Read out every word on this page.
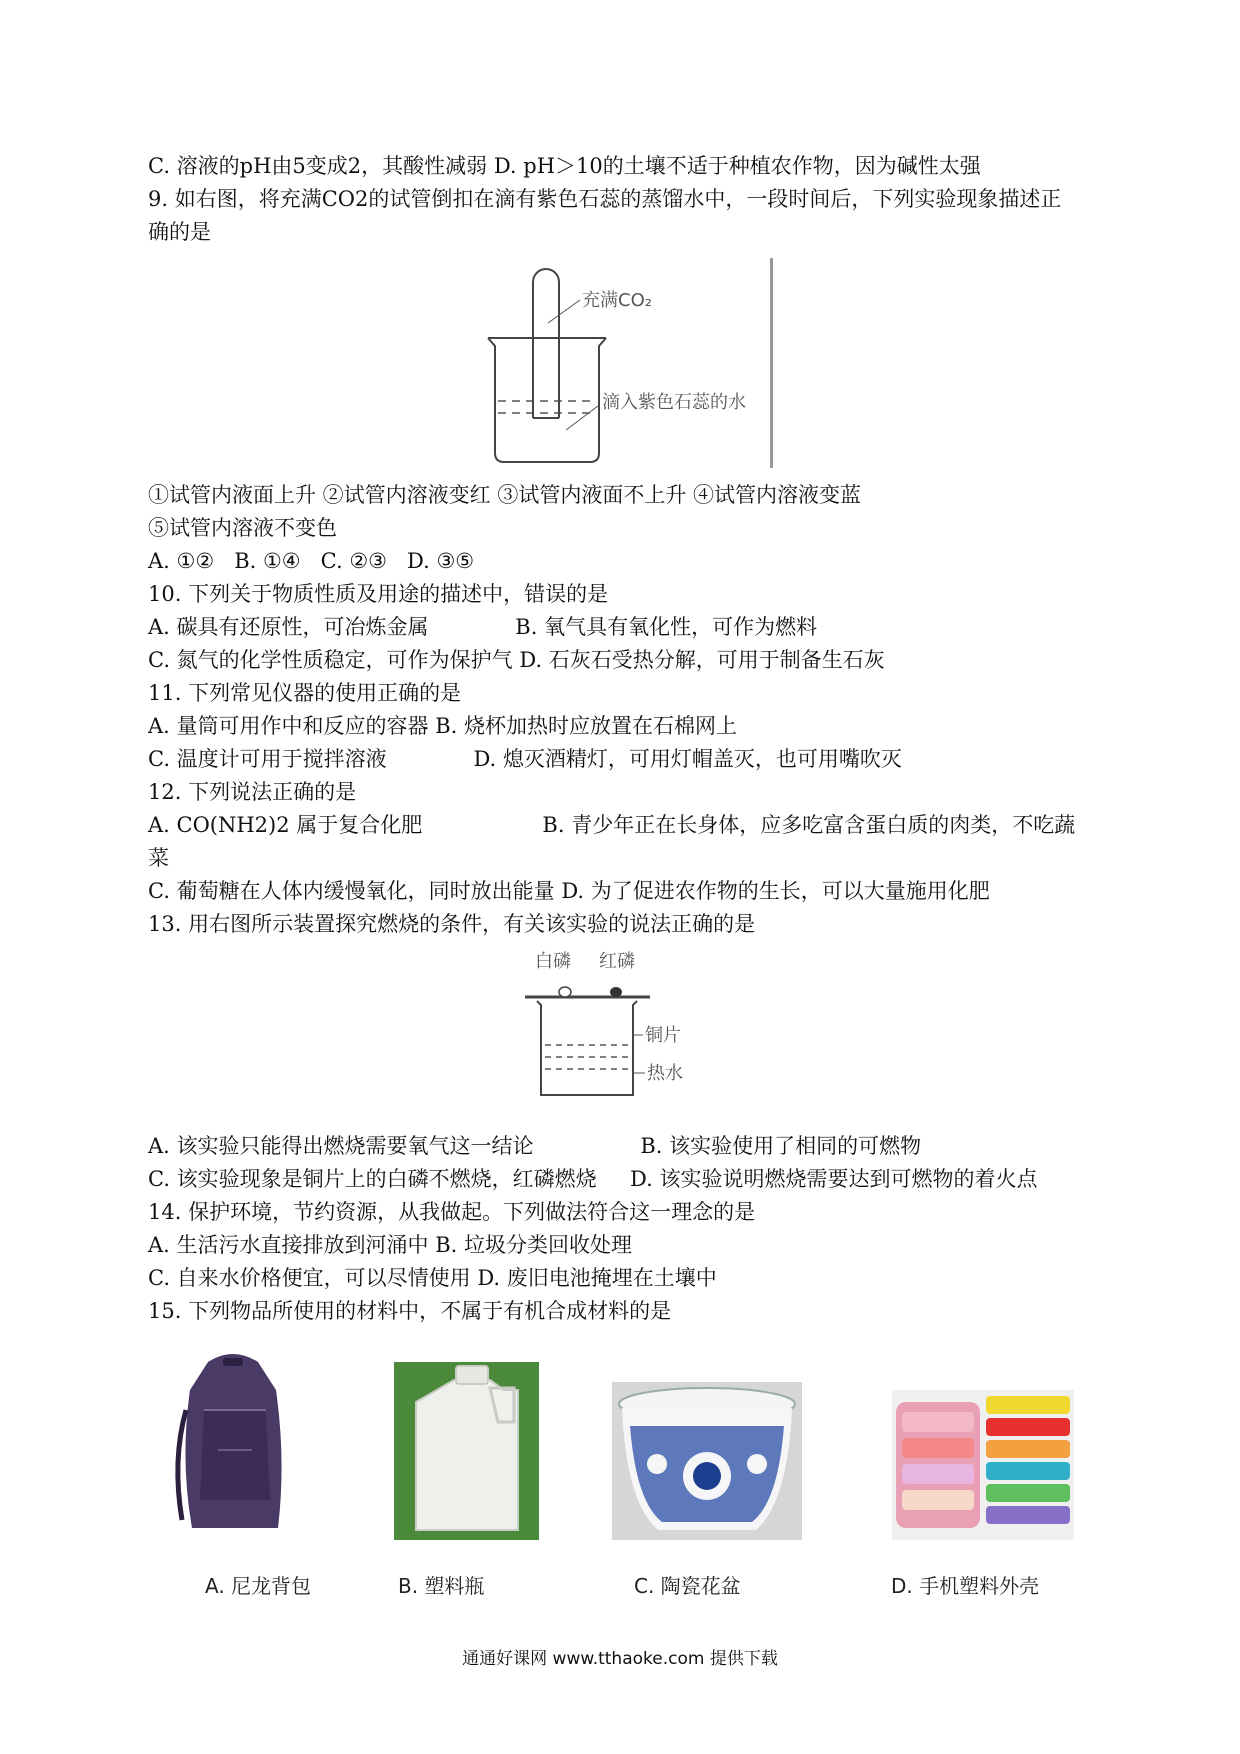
C. 溶液的pH由5变成2，其酸性减弱 D. pH＞10的土壤不适于种植农作物，因为碱性太强
9. 如右图，将充满CO2的试管倒扣在滴有紫色石蕊的蒸馏水中，一段时间后，下列实验现象描述正
确的是
充满CO₂
滴入紫色石蕊的水
①试管内液面上升 ②试管内溶液变红 ③试管内液面不上升 ④试管内溶液变蓝
⑤试管内溶液不变色
A. ①②   B. ①④   C. ②③   D. ③⑤
10. 下列关于物质性质及用途的描述中，错误的是
A. 碳具有还原性，可冶炼金属             B. 氧气具有氧化性，可作为燃料
C. 氮气的化学性质稳定，可作为保护气 D. 石灰石受热分解，可用于制备生石灰
11. 下列常见仪器的使用正确的是
A. 量筒可用作中和反应的容器 B. 烧杯加热时应放置在石棉网上
C. 温度计可用于搅拌溶液             D. 熄灭酒精灯，可用灯帽盖灭，也可用嘴吹灭
12. 下列说法正确的是
A. CO(NH2)2 属于复合化肥                  B. 青少年正在长身体，应多吃富含蛋白质的肉类，不吃蔬
菜
C. 葡萄糖在人体内缓慢氧化，同时放出能量 D. 为了促进农作物的生长，可以大量施用化肥
13. 用右图所示装置探究燃烧的条件，有关该实验的说法正确的是
白磷 红磷
铜片
热水
A. 该实验只能得出燃烧需要氧气这一结论                B. 该实验使用了相同的可燃物
C. 该实验现象是铜片上的白磷不燃烧，红磷燃烧     D. 该实验说明燃烧需要达到可燃物的着火点
14. 保护环境，节约资源，从我做起。下列做法符合这一理念的是
A. 生活污水直接排放到河涌中 B. 垃圾分类回收处理
C. 自来水价格便宜，可以尽情使用 D. 废旧电池掩埋在土壤中
15. 下列物品所使用的材料中，不属于有机合成材料的是
A. 尼龙背包	B. 塑料瓶	C. 陶瓷花盆	D. 手机塑料外壳
通通好课网 www.tthaoke.com 提供下载
